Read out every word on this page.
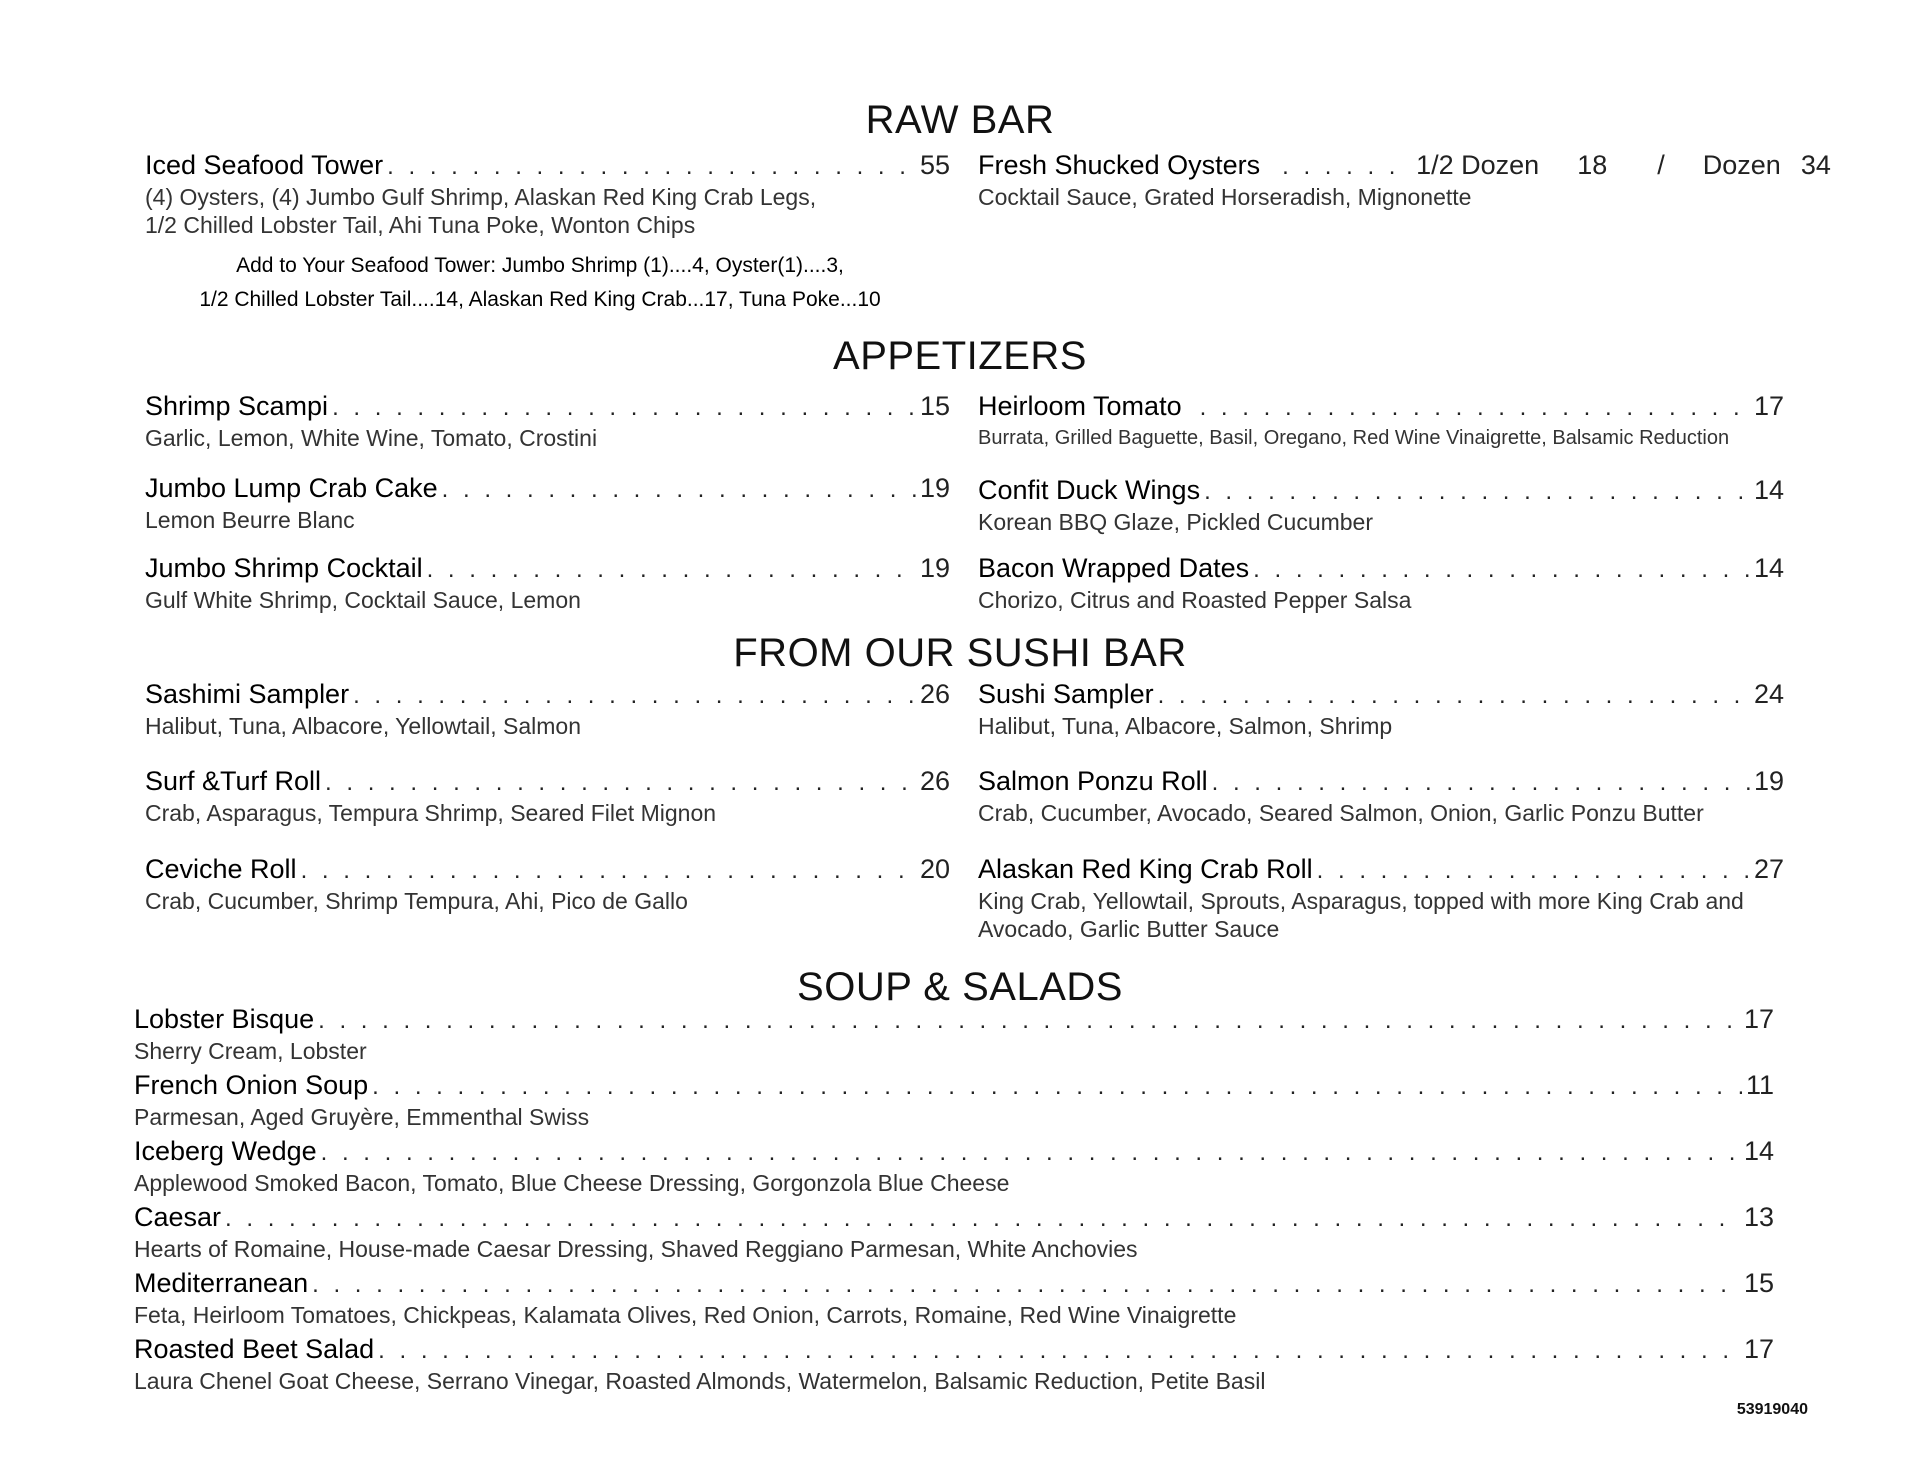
RAW BAR
Iced Seafood Tower . . .	55
(4) Oysters, (4) Jumbo Gulf Shrimp, Alaskan Red King Crab Legs,
1/2 Chilled Lobster Tail, Ahi Tuna Poke, Wonton Chips
Add to Your Seafood Tower: Jumbo Shrimp (1)....4, Oyster(1)....3,
1/2 Chilled Lobster Tail....14, Alaskan Red King Crab...17, Tuna Poke...10
Fresh Shucked Oysters . . .	1/2 Dozen 18 / Dozen 34
Cocktail Sauce, Grated Horseradish, Mignonette
APPETIZERS
Shrimp Scampi . . .	15
Garlic, Lemon, White Wine, Tomato, Crostini
Jumbo Lump Crab Cake . . .	19
Lemon Beurre Blanc
Jumbo Shrimp Cocktail . . .	19
Gulf White Shrimp, Cocktail Sauce, Lemon
Heirloom Tomato . . .	17
Burrata, Grilled Baguette, Basil, Oregano, Red Wine Vinaigrette, Balsamic Reduction
Confit Duck Wings . . .	14
Korean BBQ Glaze, Pickled Cucumber
Bacon Wrapped Dates . . .	14
Chorizo, Citrus and Roasted Pepper Salsa
FROM OUR SUSHI BAR
Sashimi Sampler . . .	26
Halibut, Tuna, Albacore, Yellowtail, Salmon
Surf &Turf Roll . . .	26
Crab, Asparagus, Tempura Shrimp, Seared Filet Mignon
Ceviche Roll . . .	20
Crab, Cucumber, Shrimp Tempura, Ahi, Pico de Gallo
Sushi Sampler . . .	24
Halibut, Tuna, Albacore, Salmon, Shrimp
Salmon Ponzu Roll . . .	19
Crab, Cucumber, Avocado, Seared Salmon, Onion, Garlic Ponzu Butter
Alaskan Red King Crab Roll . . .	27
King Crab, Yellowtail, Sprouts, Asparagus, topped with more King Crab and Avocado, Garlic Butter Sauce
SOUP & SALADS
Lobster Bisque . . .	17
Sherry Cream, Lobster
French Onion Soup . . .	11
Parmesan, Aged Gruyère, Emmenthal Swiss
Iceberg Wedge . . .	14
Applewood Smoked Bacon, Tomato, Blue Cheese Dressing, Gorgonzola Blue Cheese
Caesar . . .	13
Hearts of Romaine, House-made Caesar Dressing, Shaved Reggiano Parmesan, White Anchovies
Mediterranean . . .	15
Feta, Heirloom Tomatoes, Chickpeas, Kalamata Olives, Red Onion, Carrots, Romaine, Red Wine Vinaigrette
Roasted Beet Salad . . .	17
Laura Chenel Goat Cheese, Serrano Vinegar, Roasted Almonds, Watermelon, Balsamic Reduction, Petite Basil
53919040
